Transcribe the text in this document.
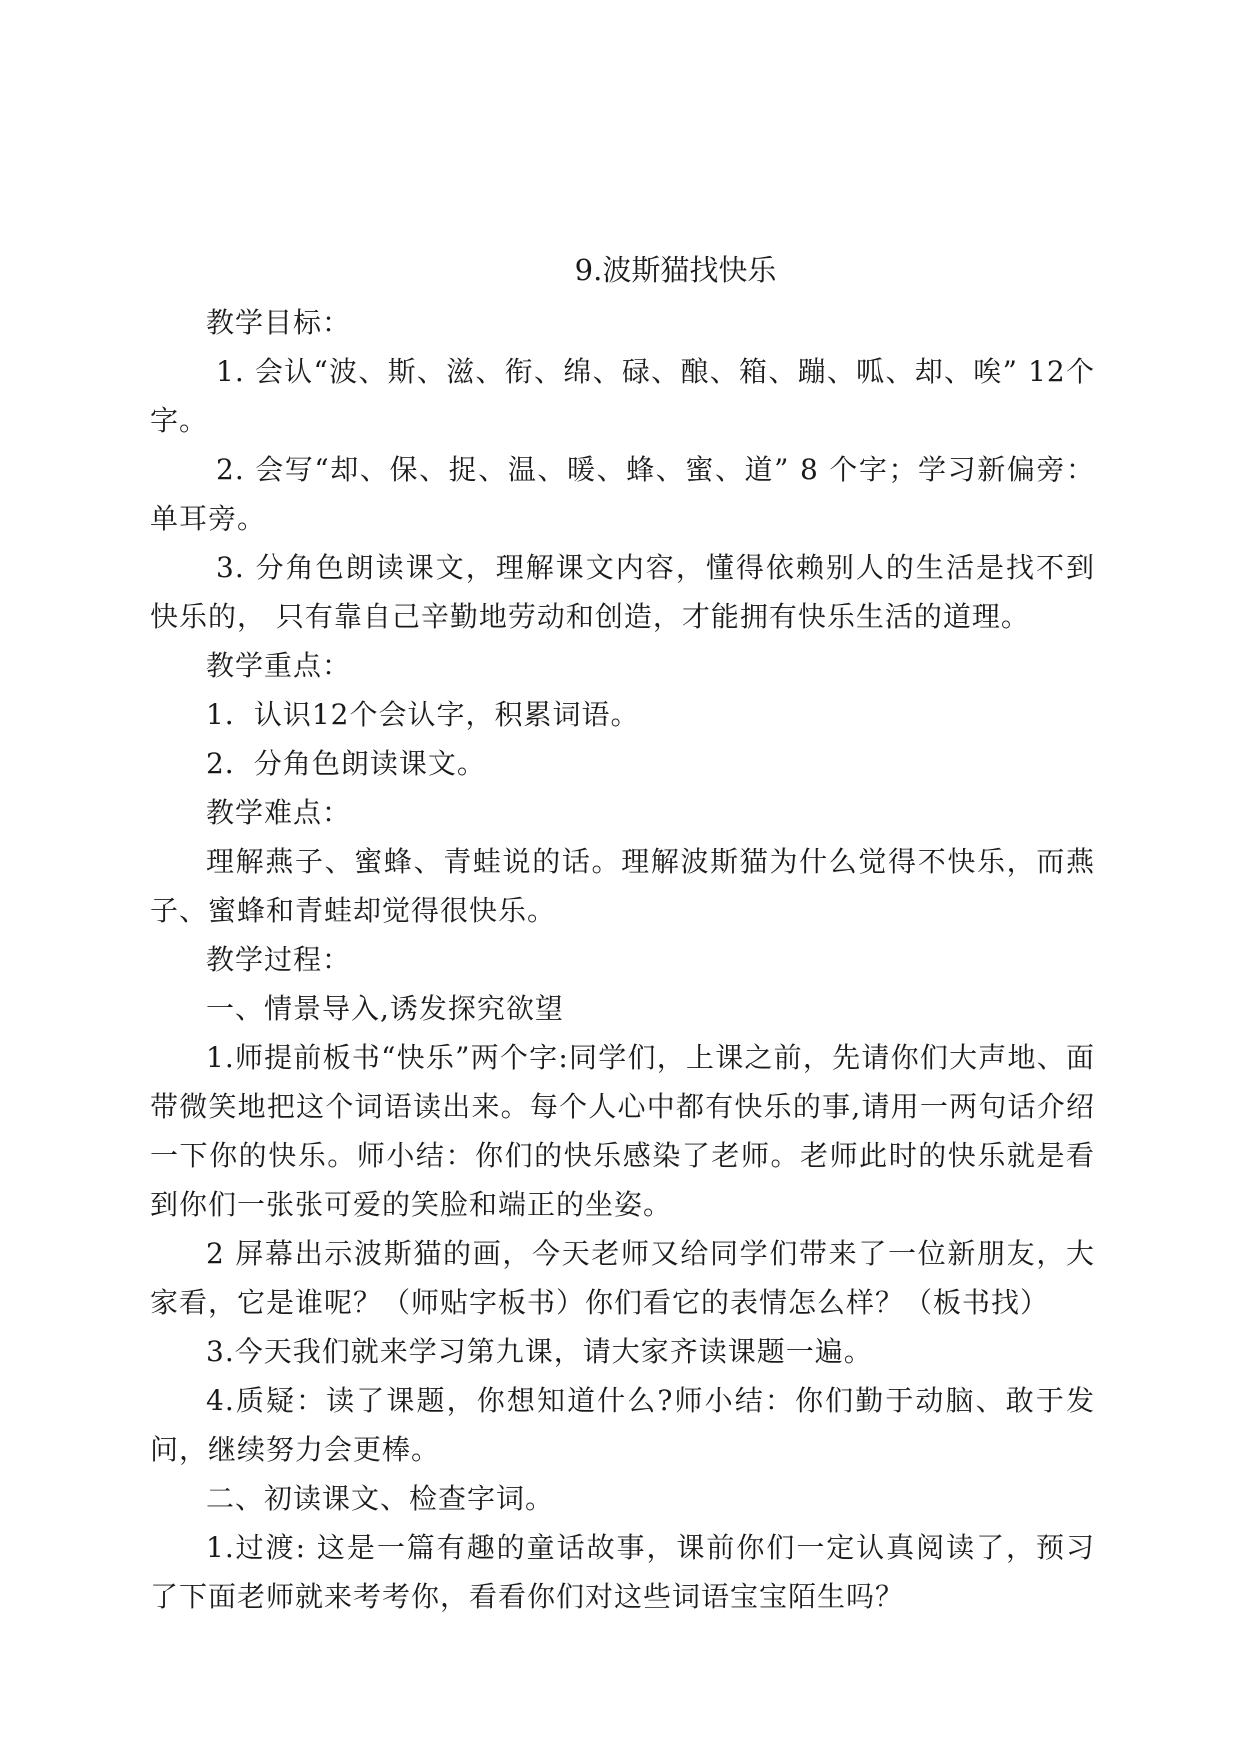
9.波斯猫找快乐

教学目标：

1. 会认“波、斯、滋、衔、绵、碌、酿、箱、蹦、呱、却、唉” 12个字。

2. 会写“却、保、捉、温、暖、蜂、蜜、道” 8 个字；学习新偏旁：单耳旁。

3. 分角色朗读课文，理解课文内容，懂得依赖别人的生活是找不到快乐的， 只有靠自己辛勤地劳动和创造，才能拥有快乐生活的道理。

教学重点：

1．认识12个会认字，积累词语。

2．分角色朗读课文。

教学难点：

理解燕子、蜜蜂、青蛙说的话。理解波斯猫为什么觉得不快乐，而燕子、蜜蜂和青蛙却觉得很快乐。

教学过程：

一、情景导入,诱发探究欲望

1.师提前板书“快乐”两个字:同学们，上课之前，先请你们大声地、面带微笑地把这个词语读出来。每个人心中都有快乐的事,请用一两句话介绍一下你的快乐。师小结：你们的快乐感染了老师。老师此时的快乐就是看到你们一张张可爱的笑脸和端正的坐姿。

2 屏幕出示波斯猫的画，今天老师又给同学们带来了一位新朋友，大家看，它是谁呢？（师贴字板书）你们看它的表情怎么样？（板书找）

3.今天我们就来学习第九课，请大家齐读课题一遍。

4.质疑：读了课题，你想知道什么?师小结：你们勤于动脑、敢于发问，继续努力会更棒。

二、初读课文、检查字词。

1.过渡: 这是一篇有趣的童话故事，课前你们一定认真阅读了，预习了下面老师就来考考你，看看你们对这些词语宝宝陌生吗？
